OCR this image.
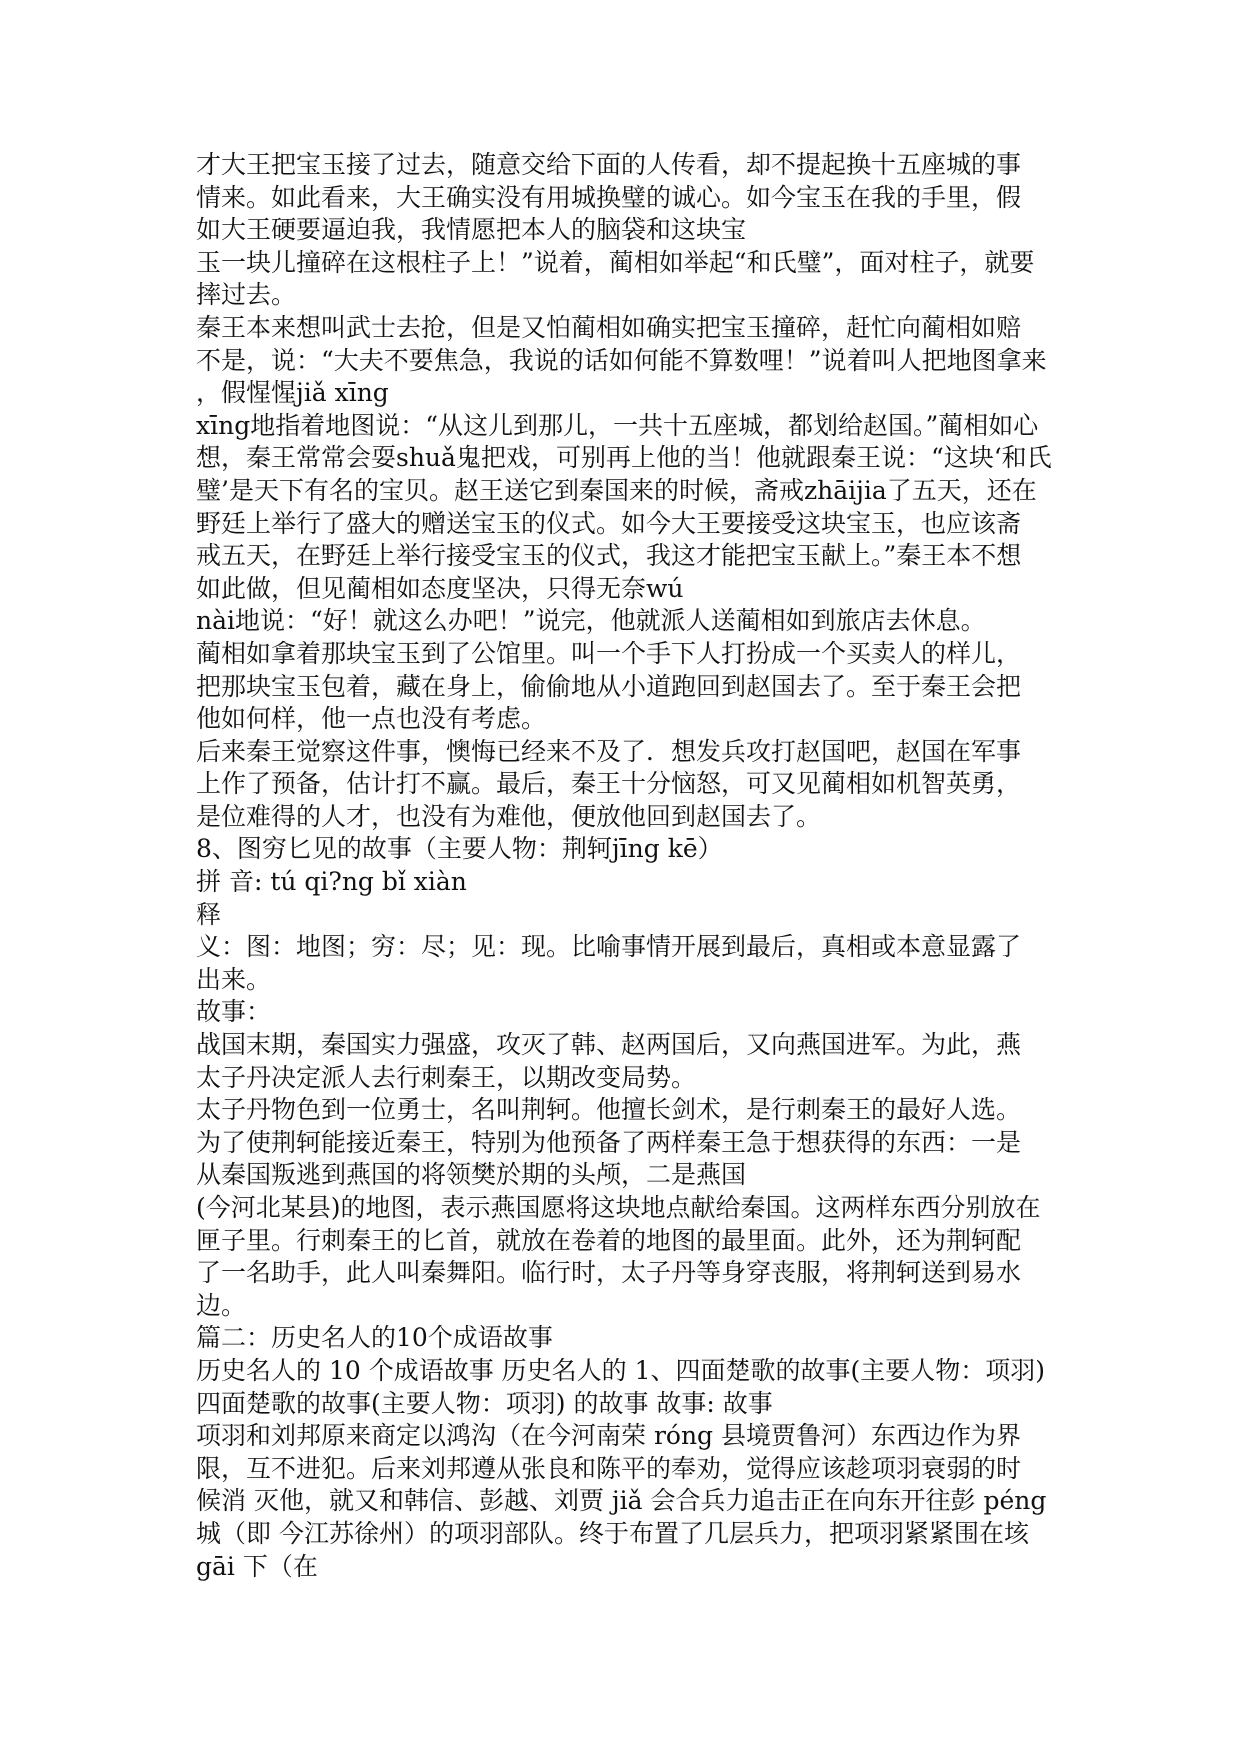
才大王把宝玉接了过去，随意交给下面的人传看，却不提起换十五座城的事
情来。如此看来，大王确实没有用城换璧的诚心。如今宝玉在我的手里，假
如大王硬要逼迫我，我情愿把本人的脑袋和这块宝
玉一块儿撞碎在这根柱子上！”说着，蔺相如举起“和氏璧”，面对柱子，就要
摔过去。
秦王本来想叫武士去抢，但是又怕蔺相如确实把宝玉撞碎，赶忙向蔺相如赔
不是，说：“大夫不要焦急，我说的话如何能不算数哩！”说着叫人把地图拿来
，假惺惺jiǎ xīng
xīng地指着地图说：“从这儿到那儿，一共十五座城，都划给赵国。”蔺相如心
想，秦王常常会耍shuǎ鬼把戏，可别再上他的当！他就跟秦王说：“这块‘和氏
璧’是天下有名的宝贝。赵王送它到秦国来的时候，斋戒zhāijia了五天，还在
野廷上举行了盛大的赠送宝玉的仪式。如今大王要接受这块宝玉，也应该斋
戒五天，在野廷上举行接受宝玉的仪式，我这才能把宝玉献上。”秦王本不想
如此做，但见蔺相如态度坚决，只得无奈wú
nài地说：“好！就这么办吧！”说完，他就派人送蔺相如到旅店去休息。
蔺相如拿着那块宝玉到了公馆里。叫一个手下人打扮成一个买卖人的样儿，
把那块宝玉包着，藏在身上，偷偷地从小道跑回到赵国去了。至于秦王会把
他如何样，他一点也没有考虑。
后来秦王觉察这件事，懊悔已经来不及了．想发兵攻打赵国吧，赵国在军事
上作了预备，估计打不赢。最后，秦王十分恼怒，可又见蔺相如机智英勇，
是位难得的人才，也没有为难他，便放他回到赵国去了。
8、图穷匕见的故事（主要人物：荆轲jīng kē）
拼 音: tú qi?ng bǐ xiàn
释
义：图：地图；穷：尽；见：现。比喻事情开展到最后，真相或本意显露了
出来。
故事：
战国末期，秦国实力强盛，攻灭了韩、赵两国后，又向燕国进军。为此，燕
太子丹决定派人去行刺秦王，以期改变局势。
太子丹物色到一位勇士，名叫荆轲。他擅长剑术，是行刺秦王的最好人选。
为了使荆轲能接近秦王，特别为他预备了两样秦王急于想获得的东西：一是
从秦国叛逃到燕国的将领樊於期的头颅，二是燕国
(今河北某县)的地图，表示燕国愿将这块地点献给秦国。这两样东西分别放在
匣子里。行刺秦王的匕首，就放在卷着的地图的最里面。此外，还为荆轲配
了一名助手，此人叫秦舞阳。临行时，太子丹等身穿丧服，将荆轲送到易水
边。
篇二：历史名人的10个成语故事
历史名人的 10 个成语故事 历史名人的 1、四面楚歌的故事(主要人物：项羽)
四面楚歌的故事(主要人物：项羽) 的故事 故事: 故事
项羽和刘邦原来商定以鸿沟（在今河南荣 róng 县境贾鲁河）东西边作为界
限，互不进犯。后来刘邦遵从张良和陈平的奉劝，觉得应该趁项羽衰弱的时
候消 灭他，就又和韩信、彭越、刘贾 jiǎ 会合兵力追击正在向东开往彭 péng
城（即 今江苏徐州）的项羽部队。终于布置了几层兵力，把项羽紧紧围在垓
gāi 下（在
